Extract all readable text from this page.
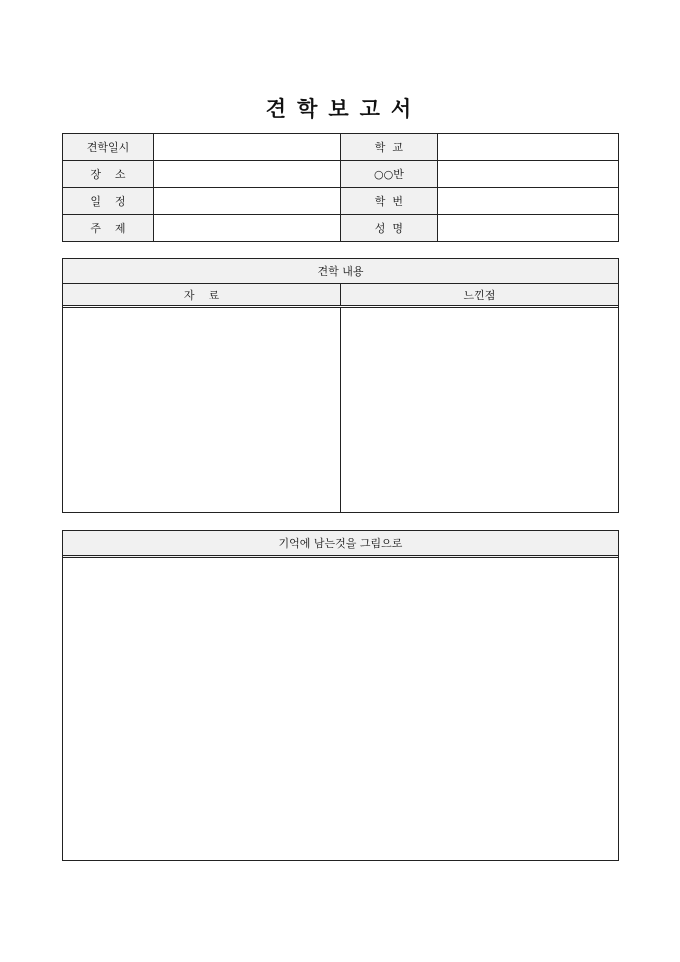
견학보고서
견학일시		학  교	
장    소		○○반	
일    정		학  번	
주    제		성  명	
견학 내용
자    료	느낀점
기억에 남는것을 그림으로
